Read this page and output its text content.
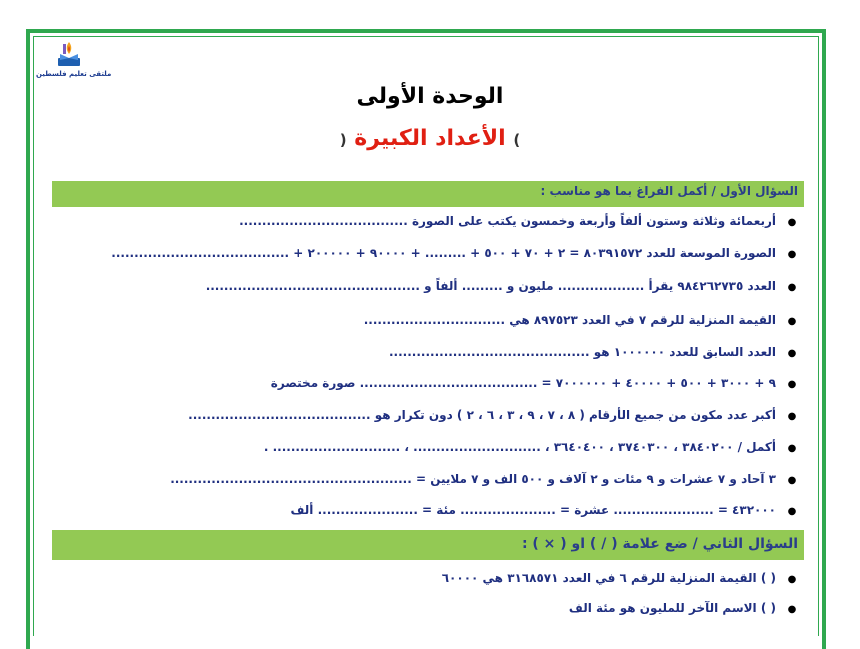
ملتقى تعليم فلسطين
الوحدة الأولى
) الأعداد الكبيرة (
السؤال الأول / أكمل الفراغ بما هو مناسب :
●أربعمائة وثلاثة وستون ألفاً وأربعة وخمسون يكتب على الصورة .....................................
●الصورة الموسعة للعدد ٨٠٣٩١٥٧٢ = ٢ + ٧٠ + ٥٠٠ + ......... + ٩٠٠٠٠ + ٢٠٠٠٠٠ + .......................................
●العدد ٩٨٤٢٦٢٧٣٥ يقرأ ................... مليون و ......... ألفاً و ...............................................
●القيمة المنزلية للرقم ٧ في العدد ٨٩٧٥٢٣ هي ...............................
●العدد السابق للعدد ١٠٠٠٠٠٠ هو ............................................
●٩ + ٣٠٠٠ + ٥٠٠ + ٤٠٠٠٠ + ٧٠٠٠٠٠٠ = ....................................... صورة مختصرة
●أكبر عدد مكون من جميع الأرقام ( ٨ ، ٧ ، ٩ ، ٣ ، ٦ ، ٢ ) دون تكرار هو ........................................
●أكمل / ٣٨٤٠٢٠٠ ، ٣٧٤٠٣٠٠ ، ٣٦٤٠٤٠٠ ، ............................ ، ............................ .
●٣ آحاد و ٧ عشرات و ٩ مئات و ٢ آلاف و ٥٠٠ الف و ٧ ملايين = .....................................................
●٤٣٢٠٠٠ = ...................... عشرة = ..................... مئة = ...................... ألف
السؤال الثاني / ضع علامة ( / ) او ( × ) :
●( ) القيمة المنزلية للرقم ٦ في العدد ٣١٦٨٥٧١ هي ٦٠٠٠٠
●( ) الاسم الآخر للمليون هو مئة الف
